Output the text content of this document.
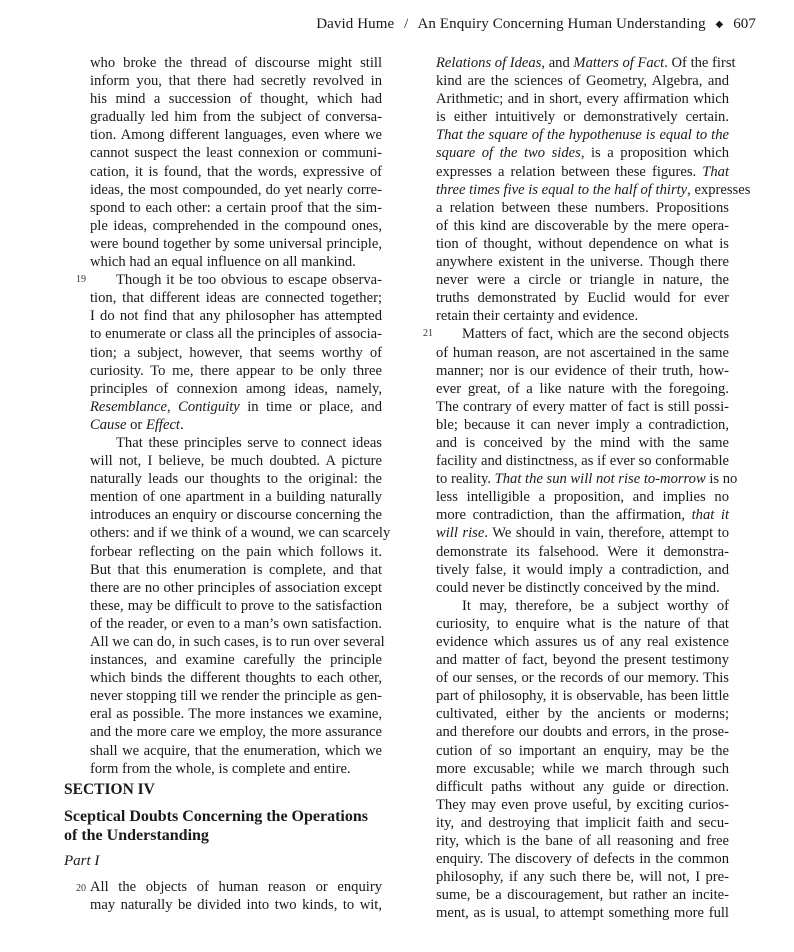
David Hume / An Enquiry Concerning Human Understanding ◆ 607
who broke the thread of discourse might still
inform you, that there had secretly revolved in
his mind a succession of thought, which had
gradually led him from the subject of conversa-
tion. Among different languages, even where we
cannot suspect the least connexion or communi-
cation, it is found, that the words, expressive of
ideas, the most compounded, do yet nearly corre-
spond to each other: a certain proof that the sim-
ple ideas, comprehended in the compound ones,
were bound together by some universal principle,
which had an equal influence on all mankind.
Though it be too obvious to escape observa-
tion, that different ideas are connected together;
I do not find that any philosopher has attempted
to enumerate or class all the principles of associa-
tion; a subject, however, that seems worthy of
curiosity. To me, there appear to be only three
principles of connexion among ideas, namely,
Resemblance, Contiguity in time or place, and
Cause or Effect.
That these principles serve to connect ideas
will not, I believe, be much doubted. A picture
naturally leads our thoughts to the original: the
mention of one apartment in a building naturally
introduces an enquiry or discourse concerning the
others: and if we think of a wound, we can scarcely
forbear reflecting on the pain which follows it.
But that this enumeration is complete, and that
there are no other principles of association except
these, may be difficult to prove to the satisfaction
of the reader, or even to a man’s own satisfaction.
All we can do, in such cases, is to run over several
instances, and examine carefully the principle
which binds the different thoughts to each other,
never stopping till we render the principle as gen-
eral as possible. The more instances we examine,
and the more care we employ, the more assurance
shall we acquire, that the enumeration, which we
form from the whole, is complete and entire.
19
SECTION IV
Sceptical Doubts Concerning the Operations of the Understanding
Part I
20 All the objects of human reason or enquiry
may naturally be divided into two kinds, to wit,
Relations of Ideas, and Matters of Fact. Of the first
kind are the sciences of Geometry, Algebra, and
Arithmetic; and in short, every affirmation which
is either intuitively or demonstratively certain.
That the square of the hypothenuse is equal to the
square of the two sides, is a proposition which
expresses a relation between these figures. That
three times five is equal to the half of thirty, expresses
a relation between these numbers. Propositions
of this kind are discoverable by the mere opera-
tion of thought, without dependence on what is
anywhere existent in the universe. Though there
never were a circle or triangle in nature, the
truths demonstrated by Euclid would for ever
retain their certainty and evidence.
Matters of fact, which are the second objects
of human reason, are not ascertained in the same
manner; nor is our evidence of their truth, how-
ever great, of a like nature with the foregoing.
The contrary of every matter of fact is still possi-
ble; because it can never imply a contradiction,
and is conceived by the mind with the same
facility and distinctness, as if ever so conformable
to reality. That the sun will not rise to-morrow is no
less intelligible a proposition, and implies no
more contradiction, than the affirmation, that it
will rise. We should in vain, therefore, attempt to
demonstrate its falsehood. Were it demonstra-
tively false, it would imply a contradiction, and
could never be distinctly conceived by the mind.
It may, therefore, be a subject worthy of
curiosity, to enquire what is the nature of that
evidence which assures us of any real existence
and matter of fact, beyond the present testimony
of our senses, or the records of our memory. This
part of philosophy, it is observable, has been little
cultivated, either by the ancients or moderns;
and therefore our doubts and errors, in the prose-
cution of so important an enquiry, may be the
more excusable; while we march through such
difficult paths without any guide or direction.
They may even prove useful, by exciting curios-
ity, and destroying that implicit faith and secu-
rity, which is the bane of all reasoning and free
enquiry. The discovery of defects in the common
philosophy, if any such there be, will not, I pre-
sume, be a discouragement, but rather an incite-
ment, as is usual, to attempt something more full
21
